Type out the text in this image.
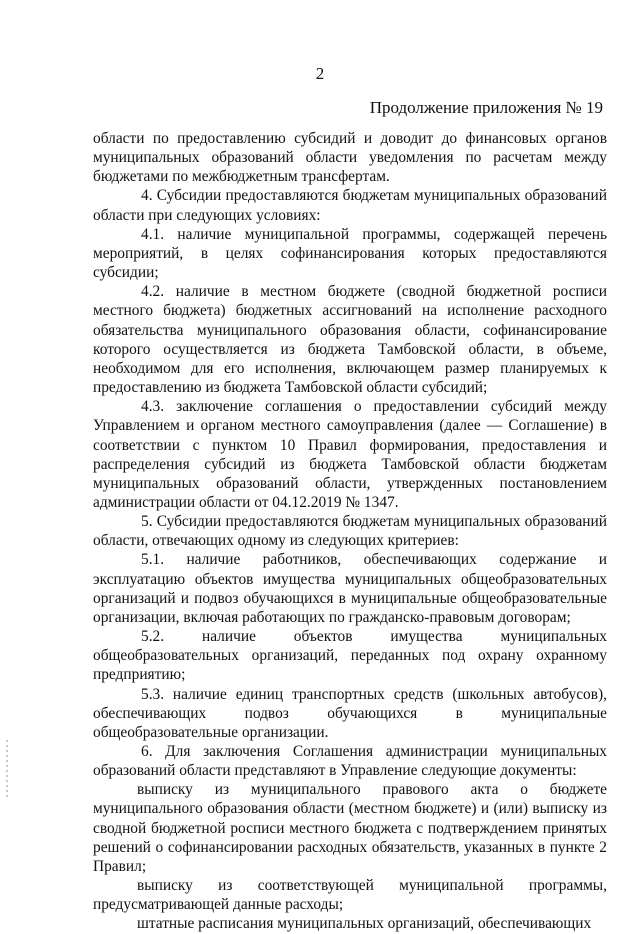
2
Продолжение приложения № 19

области по предоставлению субсидий и доводит до финансовых органов муниципальных образований области уведомления по расчетам между бюджетами по межбюджетным трансфертам.

4. Субсидии предоставляются бюджетам муниципальных образований области при следующих условиях:

4.1. наличие муниципальной программы, содержащей перечень мероприятий, в целях софинансирования которых предоставляются субсидии;

4.2. наличие в местном бюджете (сводной бюджетной росписи местного бюджета) бюджетных ассигнований на исполнение расходного обязательства муниципального образования области, софинансирование которого осуществляется из бюджета Тамбовской области, в объеме, необходимом для его исполнения, включающем размер планируемых к предоставлению из бюджета Тамбовской области субсидий;

4.3. заключение соглашения о предоставлении субсидий между Управлением и органом местного самоуправления (далее — Соглашение) в соответствии с пунктом 10 Правил формирования, предоставления и распределения субсидий из бюджета Тамбовской области бюджетам муниципальных образований области, утвержденных постановлением администрации области от 04.12.2019 № 1347.

5. Субсидии предоставляются бюджетам муниципальных образований области, отвечающих одному из следующих критериев:

5.1. наличие работников, обеспечивающих содержание и эксплуатацию объектов имущества муниципальных общеобразовательных организаций и подвоз обучающихся в муниципальные общеобразовательные организации, включая работающих по гражданско-правовым договорам;

5.2. наличие объектов имущества муниципальных общеобразовательных организаций, переданных под охрану охранному предприятию;

5.3. наличие единиц транспортных средств (школьных автобусов), обеспечивающих подвоз обучающихся в муниципальные общеобразовательные организации.

6. Для заключения Соглашения администрации муниципальных образований области представляют в Управление следующие документы:

выписку из муниципального правового акта о бюджете муниципального образования области (местном бюджете) и (или) выписку из сводной бюджетной росписи местного бюджета с подтверждением принятых решений о софинансировании расходных обязательств, указанных в пункте 2 Правил;

выписку из соответствующей муниципальной программы, предусматривающей данные расходы;

штатные расписания муниципальных организаций, обеспечивающих
